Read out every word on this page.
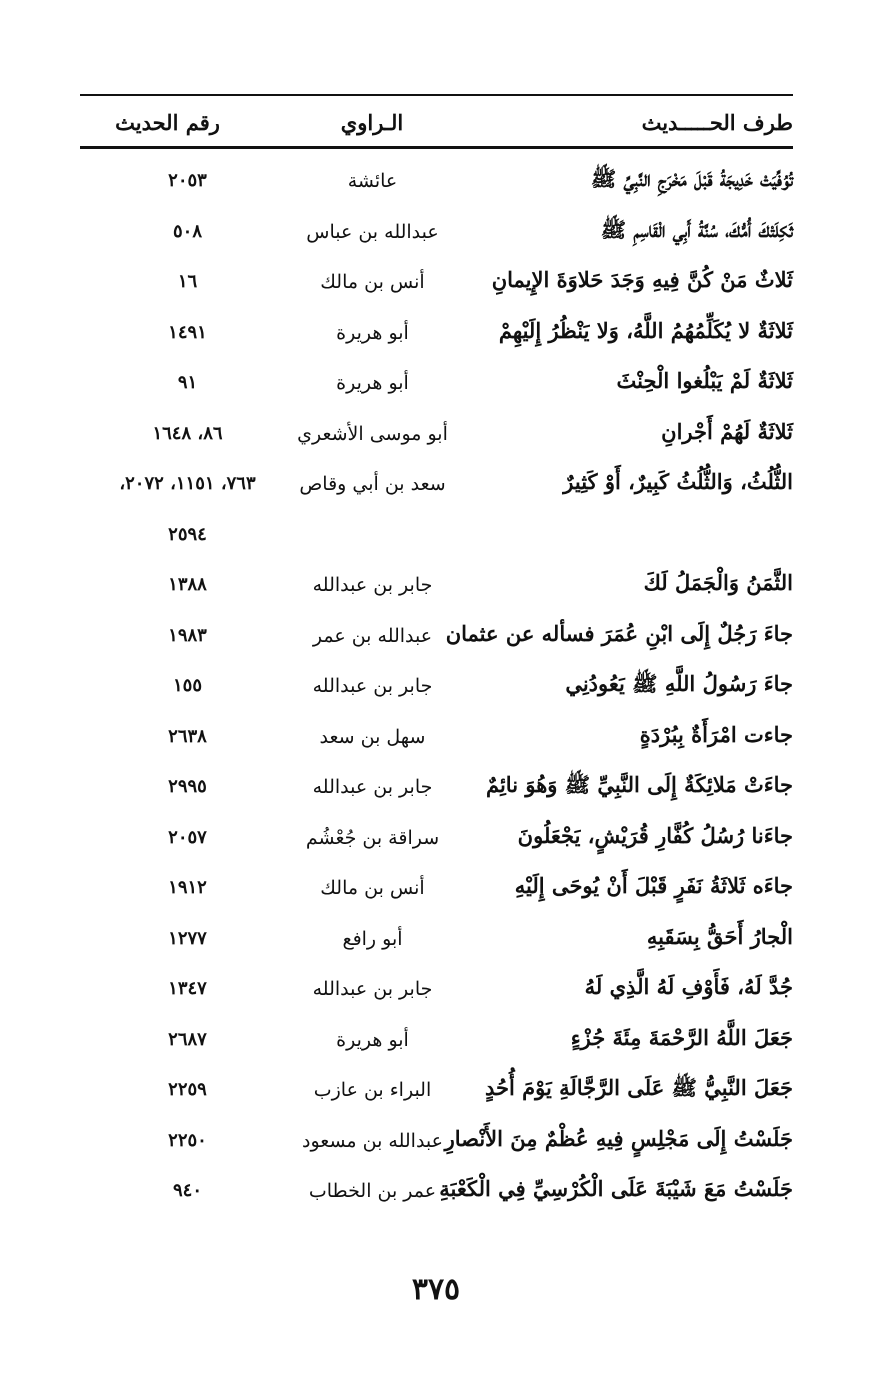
طرف الحـــــديث
الـراوي
رقم الحديث
تُوُفِّيَتْ خَدِيجَةُ قَبْلَ مَخْرَجِ النَّبِيِّ ﷺ
عائشة
٢٠٥٣
ثَكِلَتْكَ أُمُّكَ، سُنَّةُ أَبِي الْقَاسِمِ ﷺ
عبدالله بن عباس
٥٠٨
ثَلاثٌ مَنْ كُنَّ فِيهِ وَجَدَ حَلاوَةَ الإِيمانِ
أنس بن مالك
١٦
ثَلاثَةٌ لا يُكَلِّمُهُمُ اللَّهُ، وَلا يَنْظُرُ إِلَيْهِمْ
أبو هريرة
١٤٩١
ثَلاثَةٌ لَمْ يَبْلُغوا الْحِنْثَ
أبو هريرة
٩١
ثَلاثَةٌ لَهُمْ أَجْرانِ
أبو موسى الأشعري
٨٦، ١٦٤٨
الثُّلُثُ، وَالثُّلُثُ كَبِيرٌ، أَوْ كَثِيرٌ
سعد بن أبي وقاص
٧٦٣، ١١٥١، ٢٠٧٢،
٢٥٩٤
الثَّمَنُ وَالْجَمَلُ لَكَ
جابر بن عبدالله
١٣٨٨
جاءَ رَجُلٌ إِلَى ابْنِ عُمَرَ فسأله عن عثمان
عبدالله بن عمر
١٩٨٣
جاءَ رَسُولُ اللَّهِ ﷺ يَعُودُنِي
جابر بن عبدالله
١٥٥
جاءت امْرَأَةٌ بِبُرْدَةٍ
سهل بن سعد
٢٦٣٨
جاءَتْ مَلائِكَةٌ إِلَى النَّبِيِّ ﷺ وَهُوَ نائِمٌ
جابر بن عبدالله
٢٩٩٥
جاءَنا رُسُلُ كُفَّارِ قُرَيْشٍ، يَجْعَلُونَ
سراقة بن جُعْشُم
٢٠٥٧
جاءَه ثَلاثَةُ نَفَرٍ قَبْلَ أَنْ يُوحَى إِلَيْهِ
أنس بن مالك
١٩١٢
الْجارُ أَحَقُّ بِسَقَبِهِ
أبو رافع
١٢٧٧
جُدَّ لَهُ، فَأَوْفِ لَهُ الَّذِي لَهُ
جابر بن عبدالله
١٣٤٧
جَعَلَ اللَّهُ الرَّحْمَةَ مِئَةَ جُزْءٍ
أبو هريرة
٢٦٨٧
جَعَلَ النَّبِيُّ ﷺ عَلَى الرَّجَّالَةِ يَوْمَ أُحُدٍ
البراء بن عازب
٢٢٥٩
جَلَسْتُ إِلَى مَجْلِسٍ فِيهِ عُظْمٌ مِنَ الأَنْصارِ
عبدالله بن مسعود
٢٢٥٠
جَلَسْتُ مَعَ شَيْبَةَ عَلَى الْكُرْسِيِّ فِي الْكَعْبَةِ
عمر بن الخطاب
٩٤٠
٣٧٥
